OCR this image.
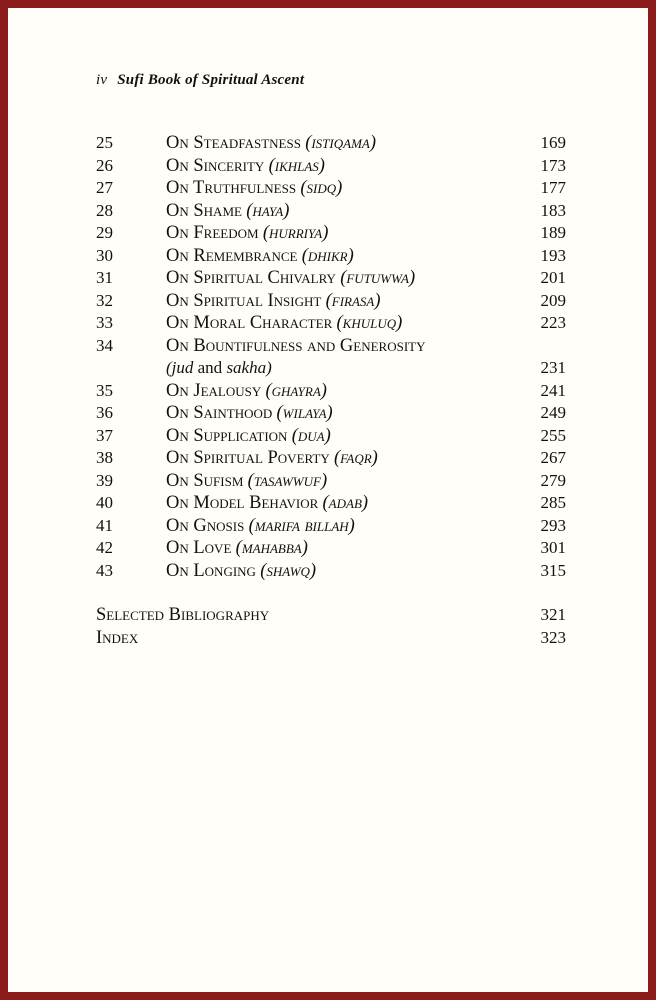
iv Sufi Book of Spiritual Ascent
25	On Steadfastness (istiqama)	169
26	On Sincerity (ikhlas)	173
27	On Truthfulness (sidq)	177
28	On Shame (haya)	183
29	On Freedom (hurriya)	189
30	On Remembrance (dhikr)	193
31	On Spiritual Chivalry (futuwwa)	201
32	On Spiritual Insight (firasa)	209
33	On Moral Character (khuluq)	223
34	On Bountifulness and Generosity
(jud and sakha)	231
35	On Jealousy (ghayra)	241
36	On Sainthood (wilaya)	249
37	On Supplication (dua)	255
38	On Spiritual Poverty (faqr)	267
39	On Sufism (tasawwuf)	279
40	On Model Behavior (adab)	285
41	On Gnosis (marifa billah)	293
42	On Love (mahabba)	301
43	On Longing (shawq)	315
Selected Bibliography	321
Index	323
